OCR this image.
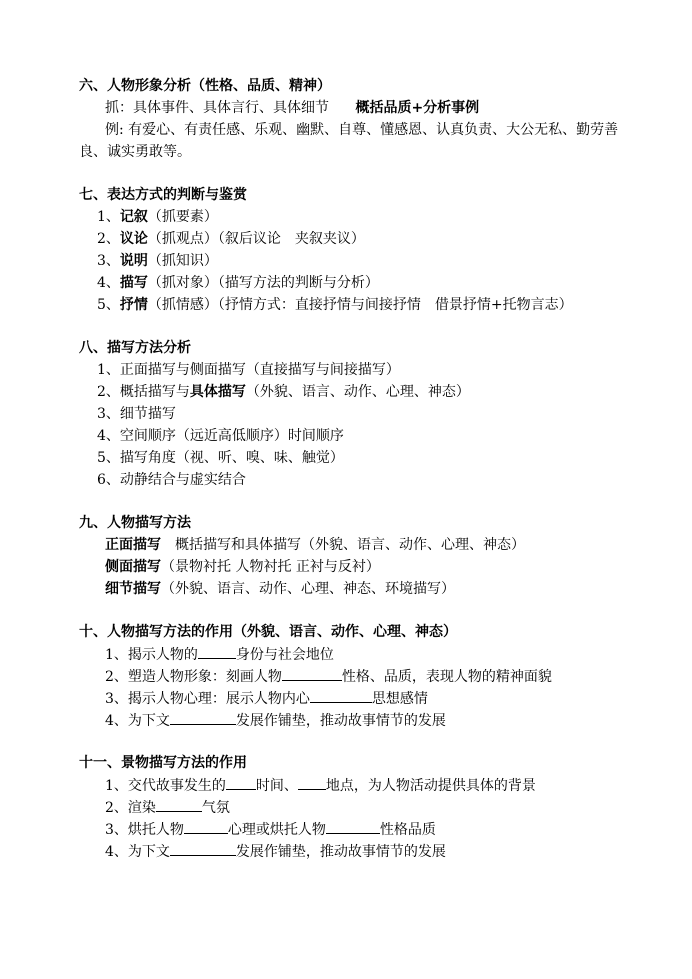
六、人物形象分析（性格、品质、精神）
抓：具体事件、具体言行、具体细节 概括品质+分析事例
例: 有爱心、有责任感、乐观、幽默、自尊、懂感恩、认真负责、大公无私、勤劳善
良、诚实勇敢等。
七、表达方式的判断与鉴赏
1、记叙（抓要素）
2、议论（抓观点）（叙后议论　夹叙夹议）
3、说明（抓知识）
4、描写（抓对象）（描写方法的判断与分析）
5、抒情（抓情感）（抒情方式：直接抒情与间接抒情　借景抒情+托物言志）
八、描写方法分析
1、正面描写与侧面描写（直接描写与间接描写）
2、概括描写与具体描写（外貌、语言、动作、心理、神态）
3、细节描写
4、空间顺序（远近高低顺序）时间顺序
5、描写角度（视、听、嗅、味、触觉）
6、动静结合与虚实结合
九、人物描写方法
正面描写　概括描写和具体描写（外貌、语言、动作、心理、神态）
侧面描写（景物衬托 人物衬托 正衬与反衬）
细节描写（外貌、语言、动作、心理、神态、环境描写）
十、人物描写方法的作用（外貌、语言、动作、心理、神态）
1、揭示人物的	身份与社会地位
2、塑造人物形象：刻画人物	性格、品质，表现人物的精神面貌
3、揭示人物心理：展示人物内心	思想感情
4、为下文	发展作铺垫，推动故事情节的发展
十一、景物描写方法的作用
1、交代故事发生的 时间、 地点，为人物活动提供具体的背景
2、渲染	气氛
3、烘托人物	心理或烘托人物	性格品质
4、为下文	发展作铺垫，推动故事情节的发展
